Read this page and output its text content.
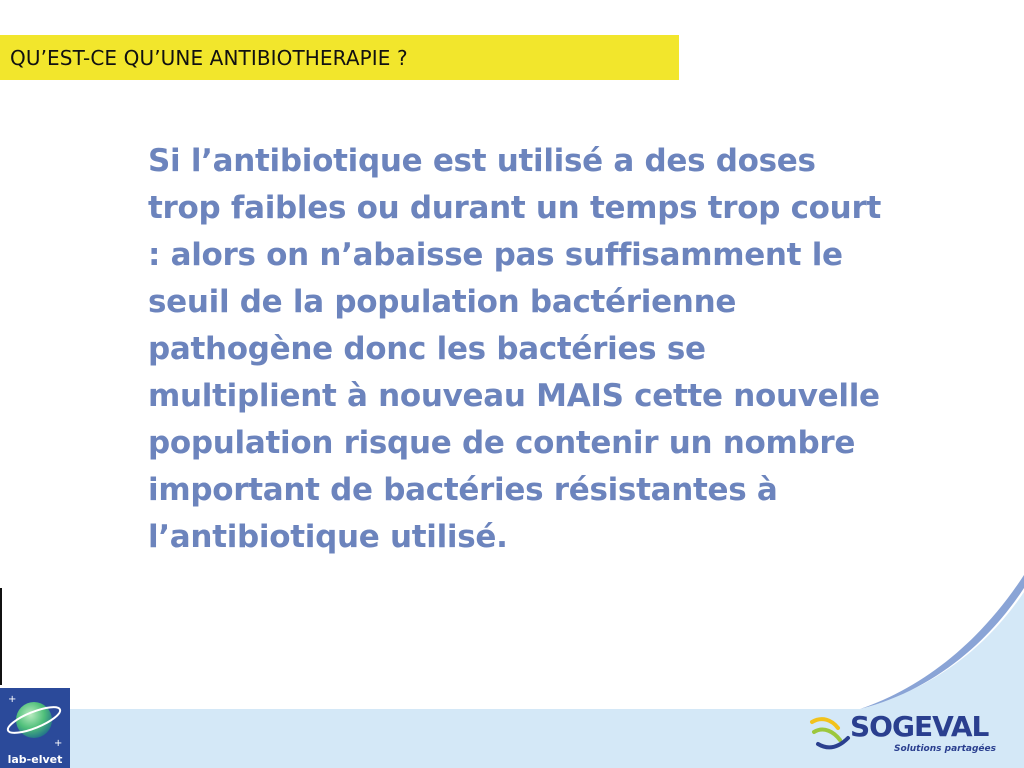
QU’EST-CE QU’UNE ANTIBIOTHERAPIE ?

Si l’antibiotique est utilisé a des doses trop faibles ou durant un temps trop court : alors on n’abaisse pas suffisamment le seuil de la population bactérienne pathogène donc les bactéries se multiplient à nouveau MAIS cette nouvelle population risque de contenir un nombre important de bactéries résistantes à l’antibiotique utilisé.

+
+
lab-elvet
SOGEVAL
Solutions partagées
